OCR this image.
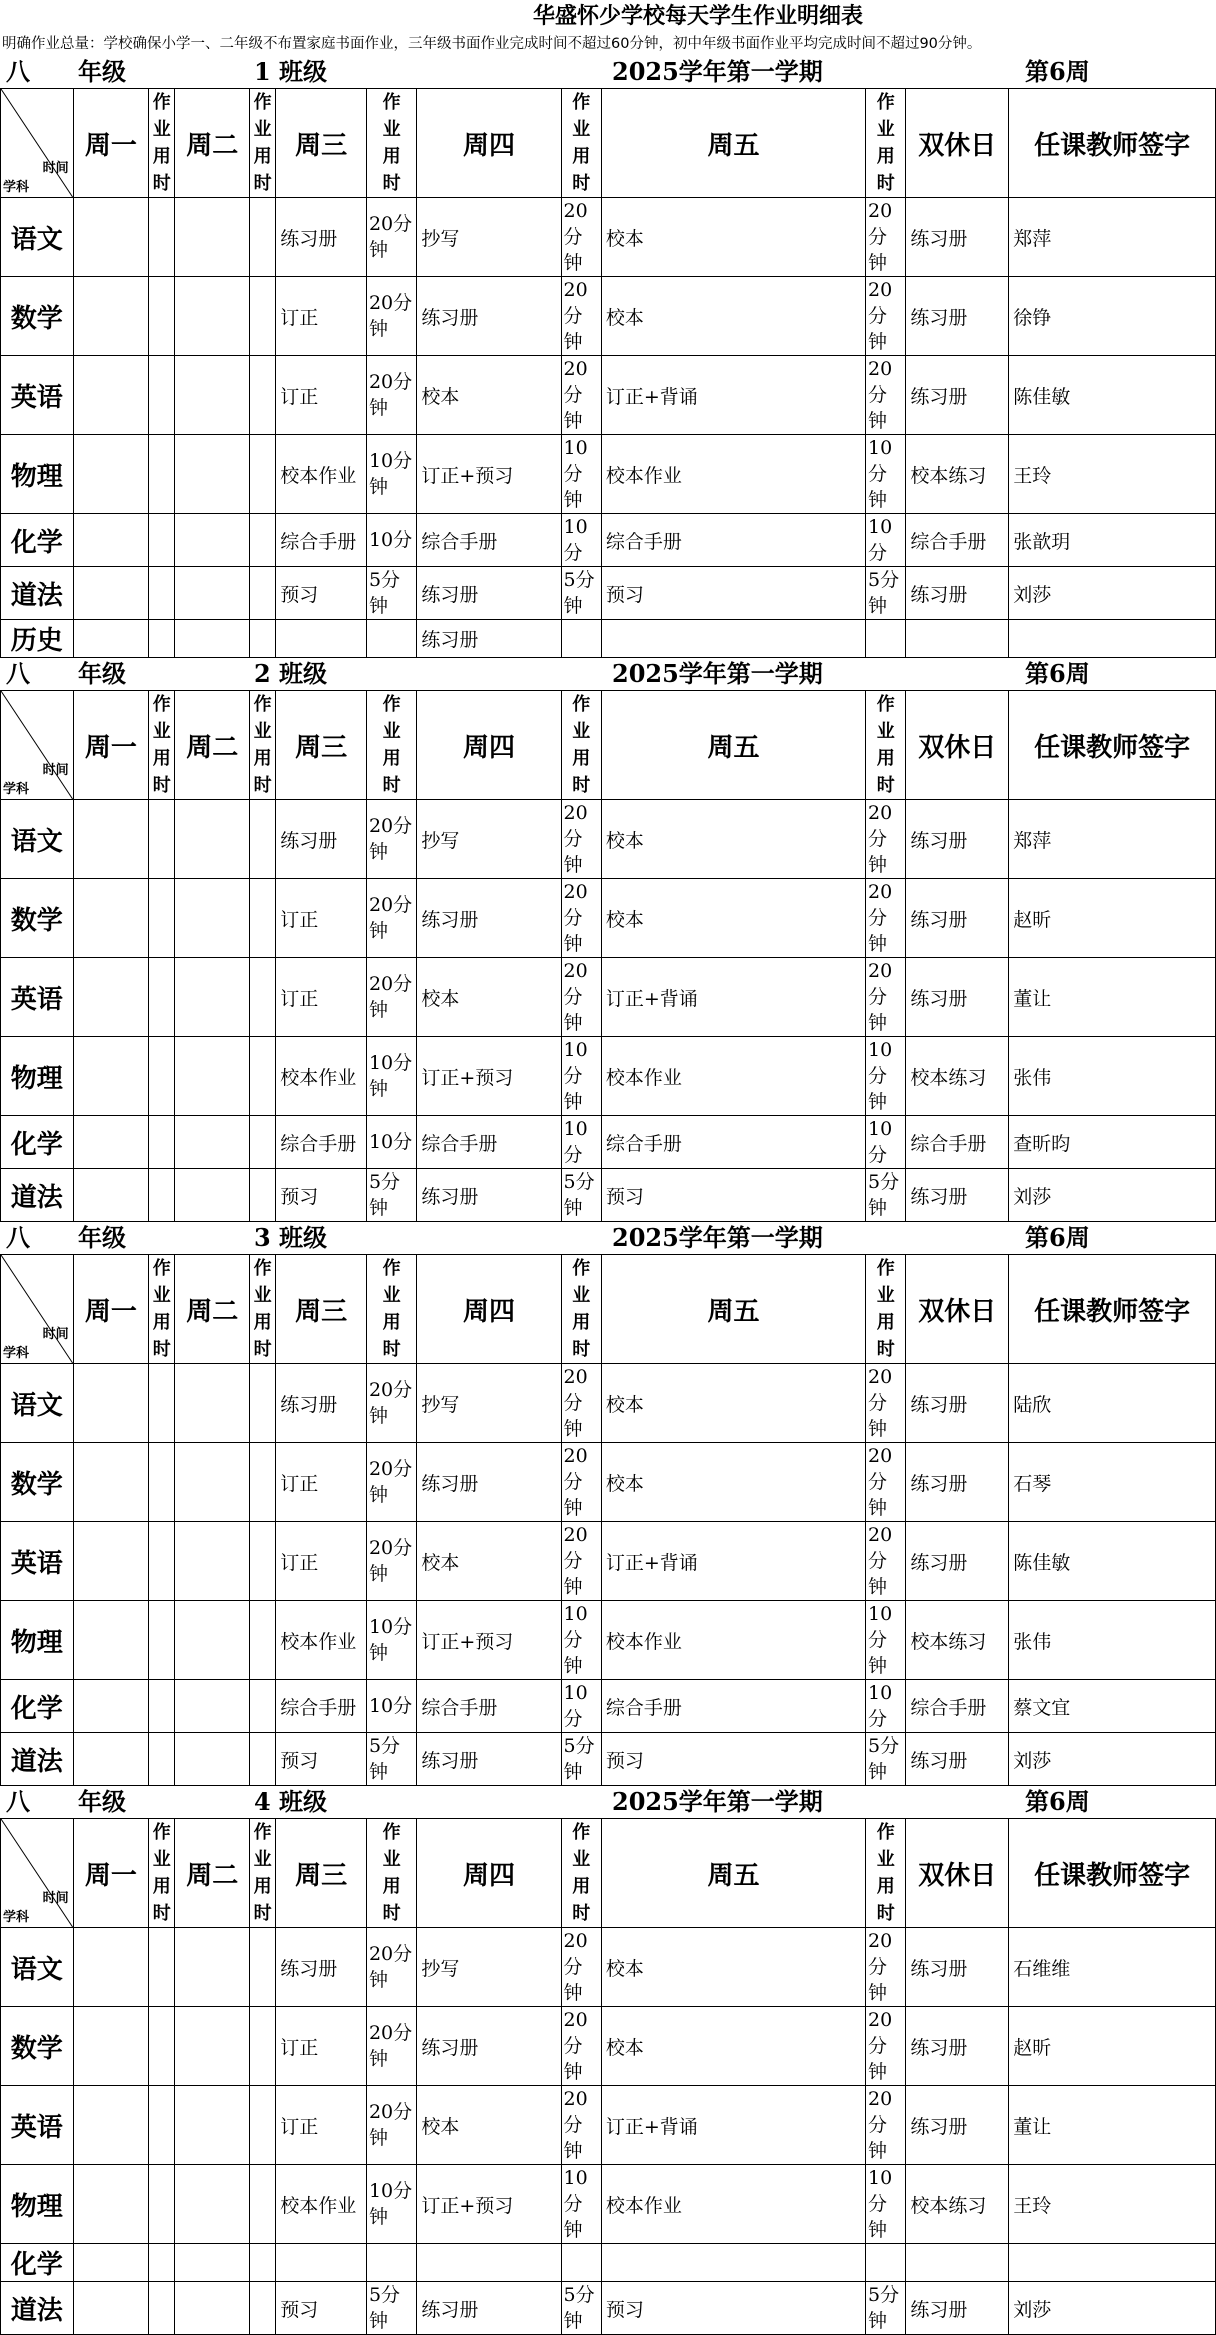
华盛怀少学校每天学生作业明细表
明确作业总量：学校确保小学一、二年级不布置家庭书面作业，三年级书面作业完成时间不超过60分钟，初中年级书面作业平均完成时间不超过90分钟。
八 年级	1 班级	2025学年第一学期	第6周
时间
学科	周一	作业用时	周二	作业用时	周三	作业用时	周四	作业用时	周五	作业用时	双休日	任课教师签字

语文					练习册	20分钟	抄写	20分钟	校本	20分钟	练习册	郑萍
数学					订正	20分钟	练习册	20分钟	校本	20分钟	练习册	徐铮
英语					订正	20分钟	校本	20分钟	订正+背诵	20分钟	练习册	陈佳敏
物理					校本作业	10分钟	订正+预习	10分钟	校本作业	10分钟	校本练习	王玲
化学					综合手册	10分	综合手册	10分	综合手册	10分	综合手册	张歆玥
道法					预习	5分钟	练习册	5分钟	预习	5分钟	练习册	刘莎
历史							练习册					
八 年级	2 班级	2025学年第一学期	第6周
时间
学科	周一	作业用时	周二	作业用时	周三	作业用时	周四	作业用时	周五	作业用时	双休日	任课教师签字

语文					练习册	20分钟	抄写	20分钟	校本	20分钟	练习册	郑萍
数学					订正	20分钟	练习册	20分钟	校本	20分钟	练习册	赵昕
英语					订正	20分钟	校本	20分钟	订正+背诵	20分钟	练习册	董让
物理					校本作业	10分钟	订正+预习	10分钟	校本作业	10分钟	校本练习	张伟
化学					综合手册	10分	综合手册	10分	综合手册	10分	综合手册	查昕昀
道法					预习	5分钟	练习册	5分钟	预习	5分钟	练习册	刘莎
八 年级	3 班级	2025学年第一学期	第6周
时间
学科	周一	作业用时	周二	作业用时	周三	作业用时	周四	作业用时	周五	作业用时	双休日	任课教师签字

语文					练习册	20分钟	抄写	20分钟	校本	20分钟	练习册	陆欣
数学					订正	20分钟	练习册	20分钟	校本	20分钟	练习册	石琴
英语					订正	20分钟	校本	20分钟	订正+背诵	20分钟	练习册	陈佳敏
物理					校本作业	10分钟	订正+预习	10分钟	校本作业	10分钟	校本练习	张伟
化学					综合手册	10分	综合手册	10分	综合手册	10分	综合手册	蔡文宜
道法					预习	5分钟	练习册	5分钟	预习	5分钟	练习册	刘莎
八 年级	4 班级	2025学年第一学期	第6周
时间
学科	周一	作业用时	周二	作业用时	周三	作业用时	周四	作业用时	周五	作业用时	双休日	任课教师签字

语文					练习册	20分钟	抄写	20分钟	校本	20分钟	练习册	石维维
数学					订正	20分钟	练习册	20分钟	校本	20分钟	练习册	赵昕
英语					订正	20分钟	校本	20分钟	订正+背诵	20分钟	练习册	董让
物理					校本作业	10分钟	订正+预习	10分钟	校本作业	10分钟	校本练习	王玲
化学												
道法					预习	5分钟	练习册	5分钟	预习	5分钟	练习册	刘莎
